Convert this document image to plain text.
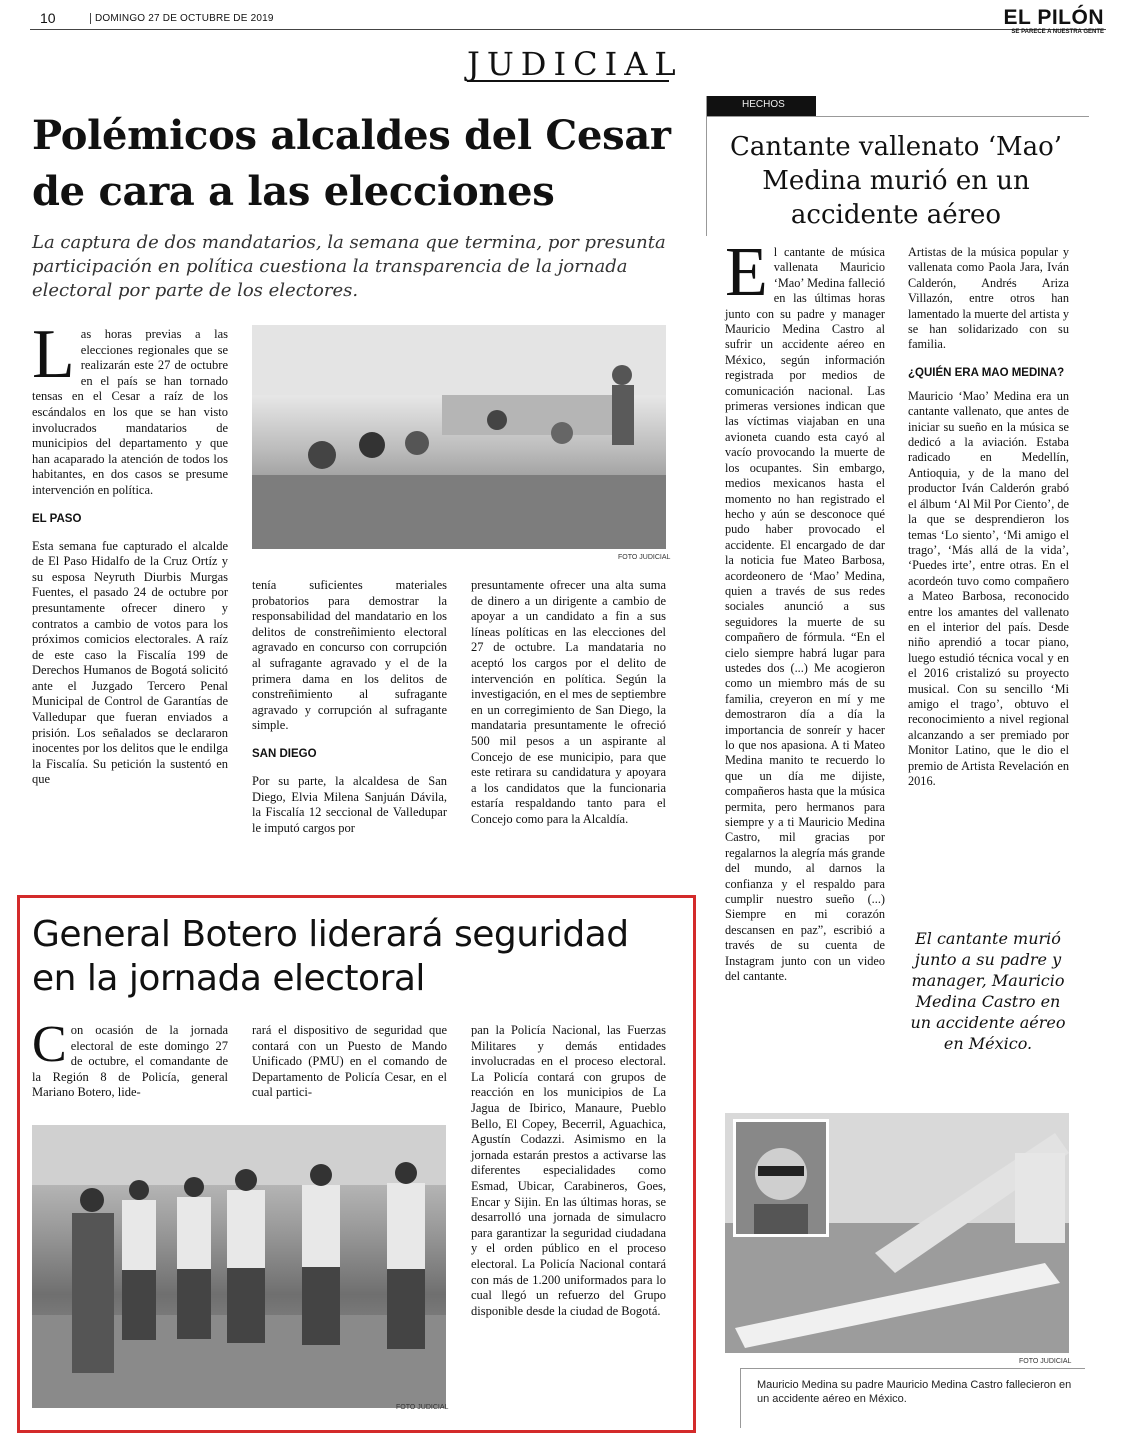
10	DOMINGO 27 DE OCTUBRE DE 2019	EL PILÓN
SE PARECE A NUESTRA GENTE
JUDICIAL
Polémicos alcaldes del Cesar de cara a las elecciones
La captura de dos mandatarios, la semana que termina, por presunta participación en política cuestiona la transparencia de la jornada electoral por parte de los electores.
L as horas previas a las elecciones regionales que se realizarán este 27 de octubre en el país se han tornado tensas en el Cesar a raíz de los escándalos en los que se han visto involucrados mandatarios de municipios del departamento y que han acaparado la atención de todos los habitantes, en dos casos se presume intervención en política.

EL PASO

Esta semana fue capturado el alcalde de El Paso Hidalfo de la Cruz Ortíz y su esposa Neyruth Diurbis Murgas Fuentes, el pasado 24 de octubre por presuntamente ofrecer dinero y contratos a cambio de votos para los próximos comicios electorales. A raíz de este caso la Fiscalía 199 de Derechos Humanos de Bogotá solicitó ante el Juzgado Tercero Penal Municipal de Control de Garantías de Valledupar que fueran enviados a prisión. Los señalados se declararon inocentes por los delitos que le endilga la Fiscalía. Su petición la sustentó en que

FOTO JUDICIAL

tenía suficientes materiales probatorios para demostrar la responsabilidad del mandatario en los delitos de constreñimiento electoral agravado en concurso con corrupción al sufragante agravado y el de la primera dama en los delitos de constreñimiento al sufragante agravado y corrupción al sufragante simple.

SAN DIEGO

Por su parte, la alcaldesa de San Diego, Elvia Milena Sanjuán Dávila, la Fiscalía 12 seccional de Valledupar le imputó cargos por

presuntamente ofrecer una alta suma de dinero a un dirigente a cambio de apoyar a un candidato a fin a sus líneas políticas en las elecciones del 27 de octubre. La mandataria no aceptó los cargos por el delito de intervención en política. Según la investigación, en el mes de septiembre en un corregimiento de San Diego, la mandataria presuntamente le ofreció 500 mil pesos a un aspirante al Concejo de ese municipio, para que este retirara su candidatura y apoyara a los candidatos que la funcionaria estaría respaldando tanto para el Concejo como para la Alcaldía.

General Botero liderará seguridad en la jornada electoral
C on ocasión de la jornada electoral de este domingo 27 de octubre, el comandante de la Región 8 de Policía, general Mariano Botero, lide-

rará el dispositivo de seguridad que contará con un Puesto de Mando Unificado (PMU) en el comando de Departamento de Policía Cesar, en el cual partici-

FOTO JUDICIAL

pan la Policía Nacional, las Fuerzas Militares y demás entidades involucradas en el proceso electoral. La Policía contará con grupos de reacción en los municipios de La Jagua de Ibirico, Manaure, Pueblo Bello, El Copey, Becerril, Aguachica, Agustín Codazzi. Asimismo en la jornada estarán prestos a activarse las diferentes especialidades como Esmad, Ubicar, Carabineros, Goes, Encar y Sijin. En las últimas horas, se desarrolló una jornada de simulacro para garantizar la seguridad ciudadana y el orden público en el proceso electoral. La Policía Nacional contará con más de 1.200 uniformados para lo cual llegó un refuerzo del Grupo disponible desde la ciudad de Bogotá.

HECHOS
Cantante vallenato ‘Mao’ Medina murió en un accidente aéreo
E l cantante de música vallenata Mauricio ‘Mao’ Medina falleció en las últimas horas junto con su padre y manager Mauricio Medina Castro al sufrir un accidente aéreo en México, según información registrada por medios de comunicación nacional. Las primeras versiones indican que las víctimas viajaban en una avioneta cuando esta cayó al vacío provocando la muerte de los ocupantes. Sin embargo, medios mexicanos hasta el momento no han registrado el hecho y aún se desconoce qué pudo haber provocado el accidente. El encargado de dar la noticia fue Mateo Barbosa, acordeonero de ‘Mao’ Medina, quien a través de sus redes sociales anunció a sus seguidores la muerte de su compañero de fórmula. “En el cielo siempre habrá lugar para ustedes dos (...) Me acogieron como un miembro más de su familia, creyeron en mí y me demostraron día a día la importancia de sonreír y hacer lo que nos apasiona. A ti Mateo Medina manito te recuerdo lo que un día me dijiste, compañeros hasta que la música permita, pero hermanos para siempre y a ti Mauricio Medina Castro, mil gracias por regalarnos la alegría más grande del mundo, al darnos la confianza y el respaldo para cumplir nuestro sueño (...) Siempre en mi corazón descansen en paz”, escribió a través de su cuenta de Instagram junto con un video del cantante.

Artistas de la música popular y vallenata como Paola Jara, Iván Calderón, Andrés Ariza Villazón, entre otros han lamentado la muerte del artista y se han solidarizado con su familia.

¿QUIÉN ERA MAO MEDINA?

Mauricio ‘Mao’ Medina era un cantante vallenato, que antes de iniciar su sueño en la música se dedicó a la aviación. Estaba radicado en Medellín, Antioquia, y de la mano del productor Iván Calderón grabó el álbum ‘Al Mil Por Ciento’, de la que se desprendieron los temas ‘Lo siento’, ‘Mi amigo el trago’, ‘Más allá de la vida’, ‘Puedes irte’, entre otras. En el acordeón tuvo como compañero a Mateo Barbosa, reconocido entre los amantes del vallenato en el interior del país. Desde niño aprendió a tocar piano, luego estudió técnica vocal y en el 2016 cristalizó su proyecto musical. Con su sencillo ‘Mi amigo el trago’, obtuvo el reconocimiento a nivel regional alcanzando a ser premiado por Monitor Latino, que le dio el premio de Artista Revelación en 2016.

El cantante murió junto a su padre y manager, Mauricio Medina Castro en un accidente aéreo en México.
FOTO JUDICIAL
Mauricio Medina su padre Mauricio Medina Castro fallecieron en un accidente aéreo en México.
